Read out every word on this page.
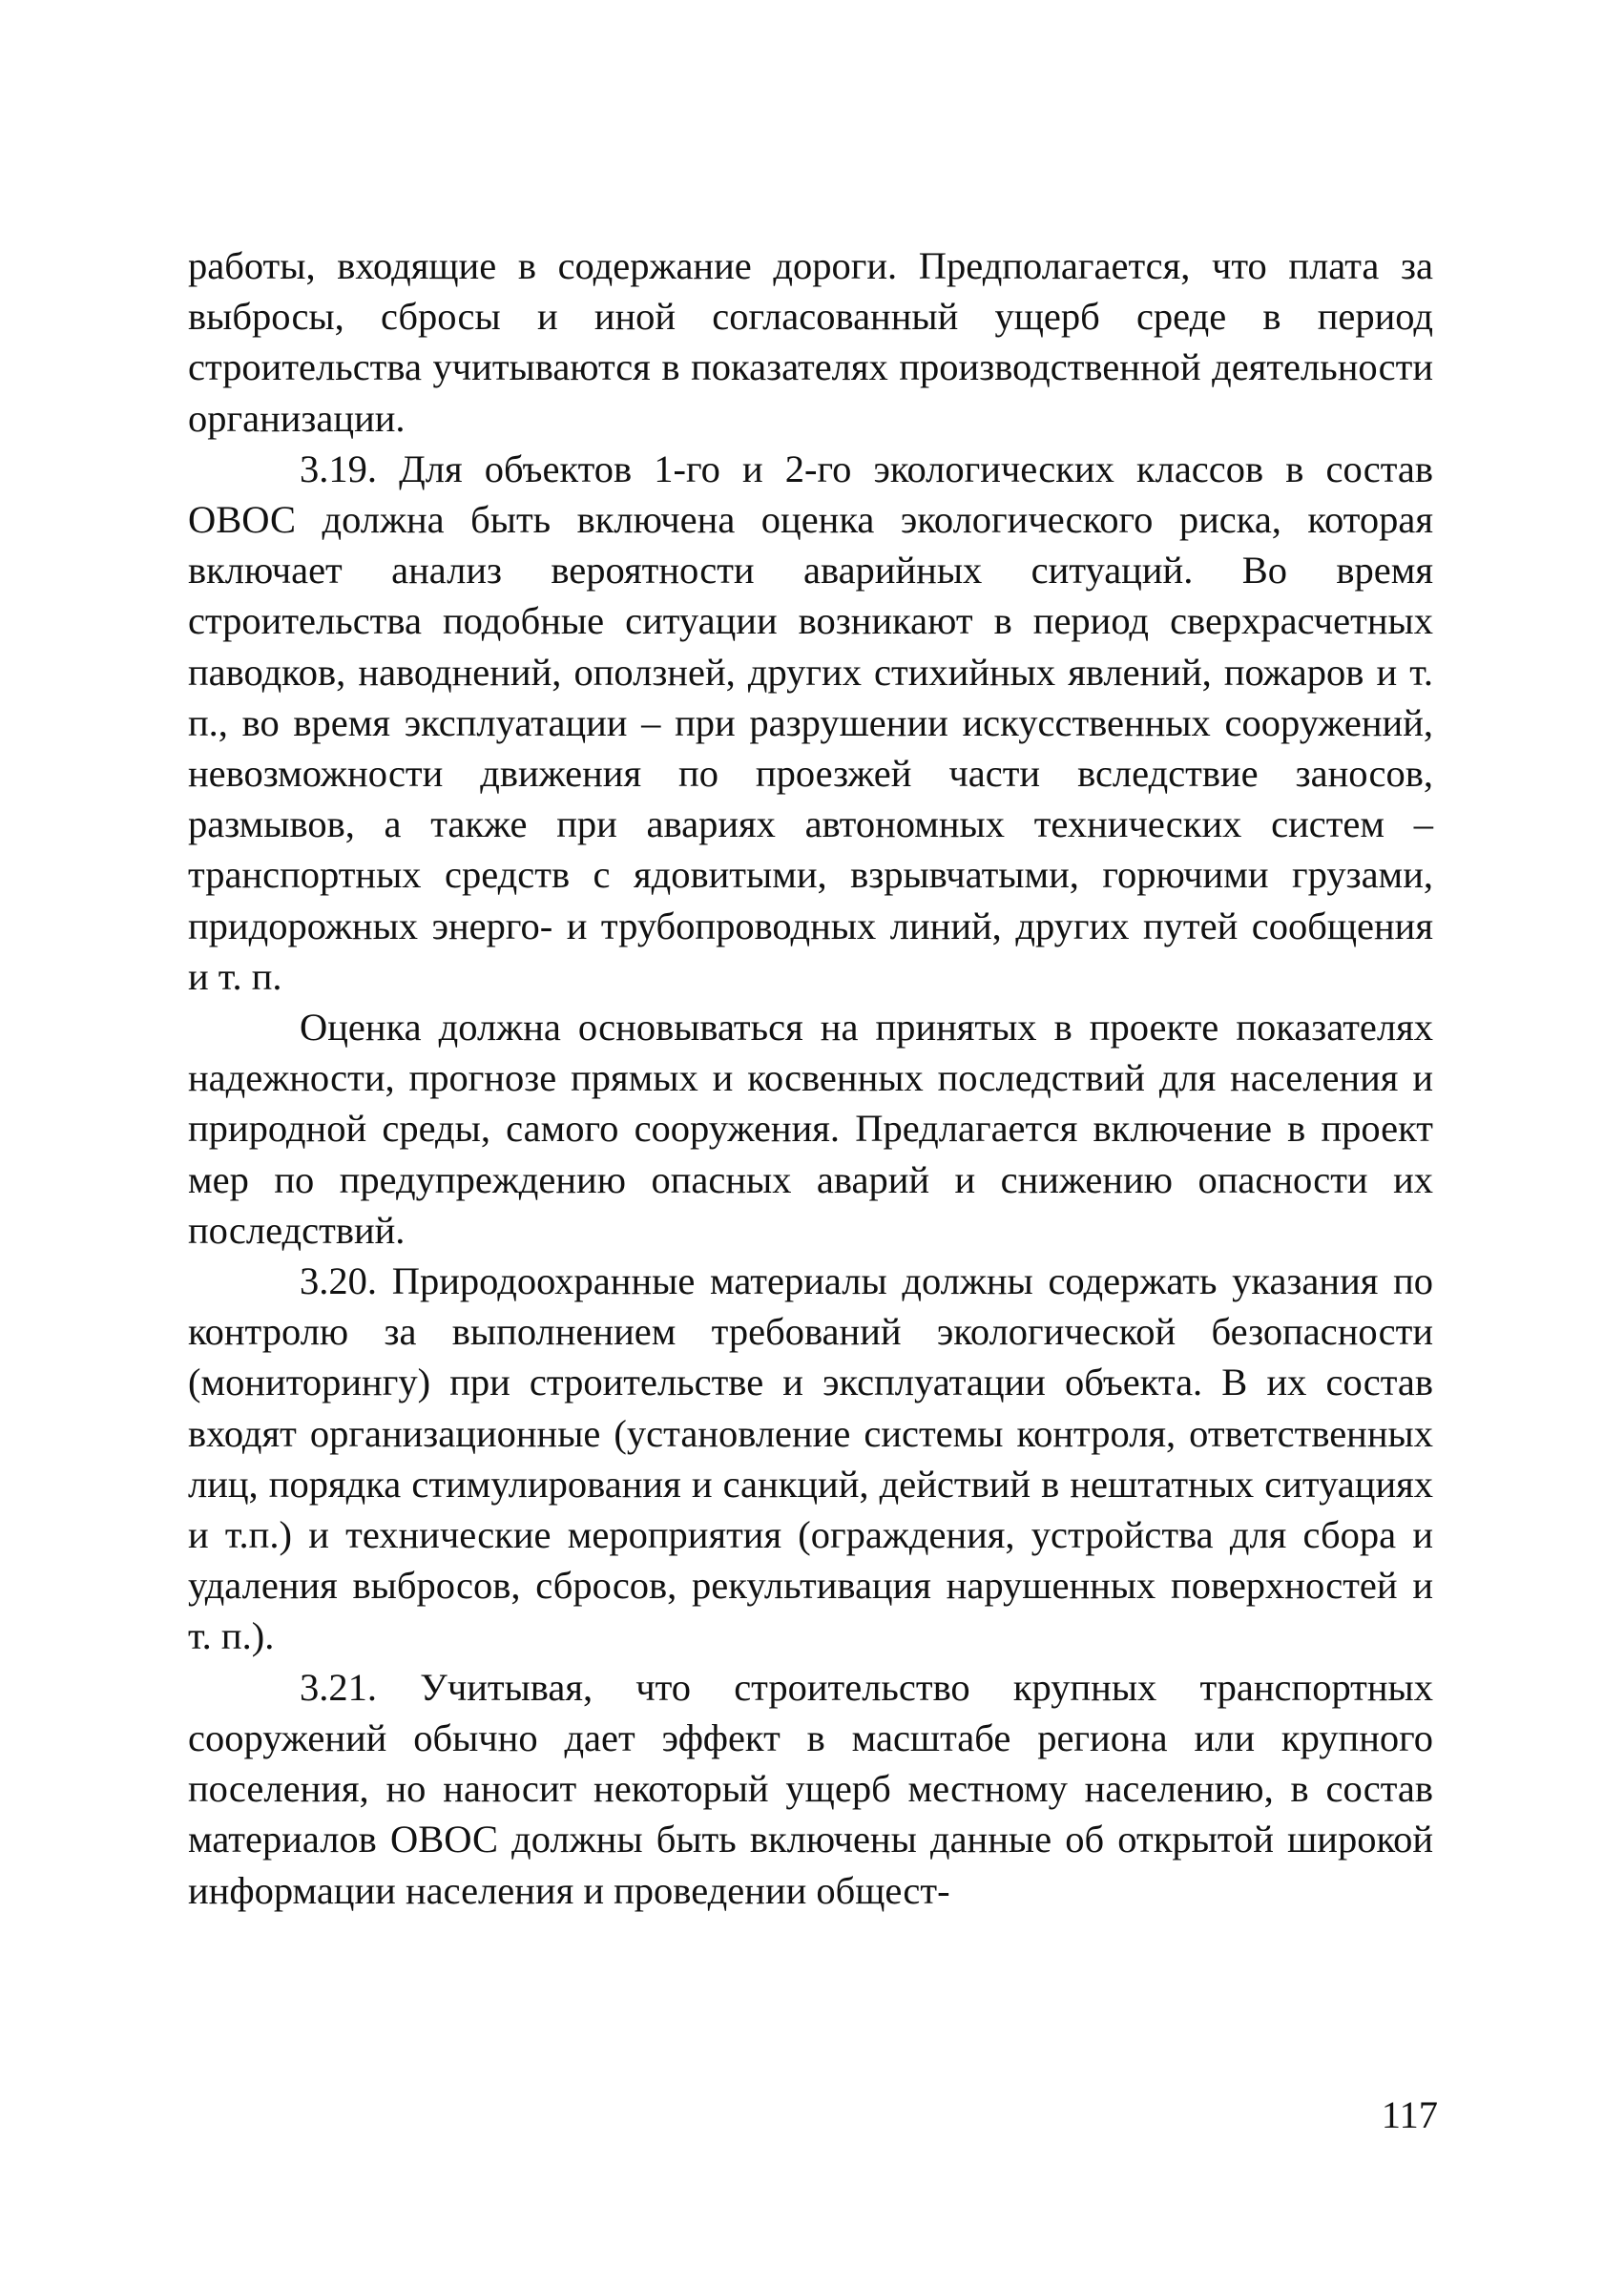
работы, входящие в содержание дороги. Предполагается, что плата за выбросы, сбросы и иной согласованный ущерб среде в период строительства учитываются в показателях производственной деятельности организации.

3.19. Для объектов 1-го и 2-го экологических классов в состав ОВОС должна быть включена оценка экологического риска, которая включает анализ вероятности аварийных ситуаций. Во время строительства подобные ситуации возникают в период сверхрасчетных паводков, наводнений, оползней, других стихийных явлений, пожаров и т. п., во время эксплуатации – при разрушении искусственных сооружений, невозможности движения по проезжей части вследствие заносов, размывов, а также при авариях автономных технических систем – транспортных средств с ядовитыми, взрывчатыми, горючими грузами, придорожных энерго- и трубопроводных линий, других путей сообщения и т. п.

Оценка должна основываться на принятых в проекте показателях надежности, прогнозе прямых и косвенных последствий для населения и природной среды, самого сооружения. Предлагается включение в проект мер по предупреждению опасных аварий и снижению опасности их последствий.

3.20. Природоохранные материалы должны содержать указания по контролю за выполнением требований экологической безопасности (мониторингу) при строительстве и эксплуатации объекта. В их состав входят организационные (установление системы контроля, ответственных лиц, порядка стимулирования и санкций, действий в нештатных ситуациях и т.п.) и технические мероприятия (ограждения, устройства для сбора и удаления выбросов, сбросов, рекультивация нарушенных поверхностей и т. п.).

3.21. Учитывая, что строительство крупных транспортных сооружений обычно дает эффект в масштабе региона или крупного поселения, но наносит некоторый ущерб местному населению, в состав материалов ОВОС должны быть включены данные об открытой широкой информации населения и проведении общест-

117
